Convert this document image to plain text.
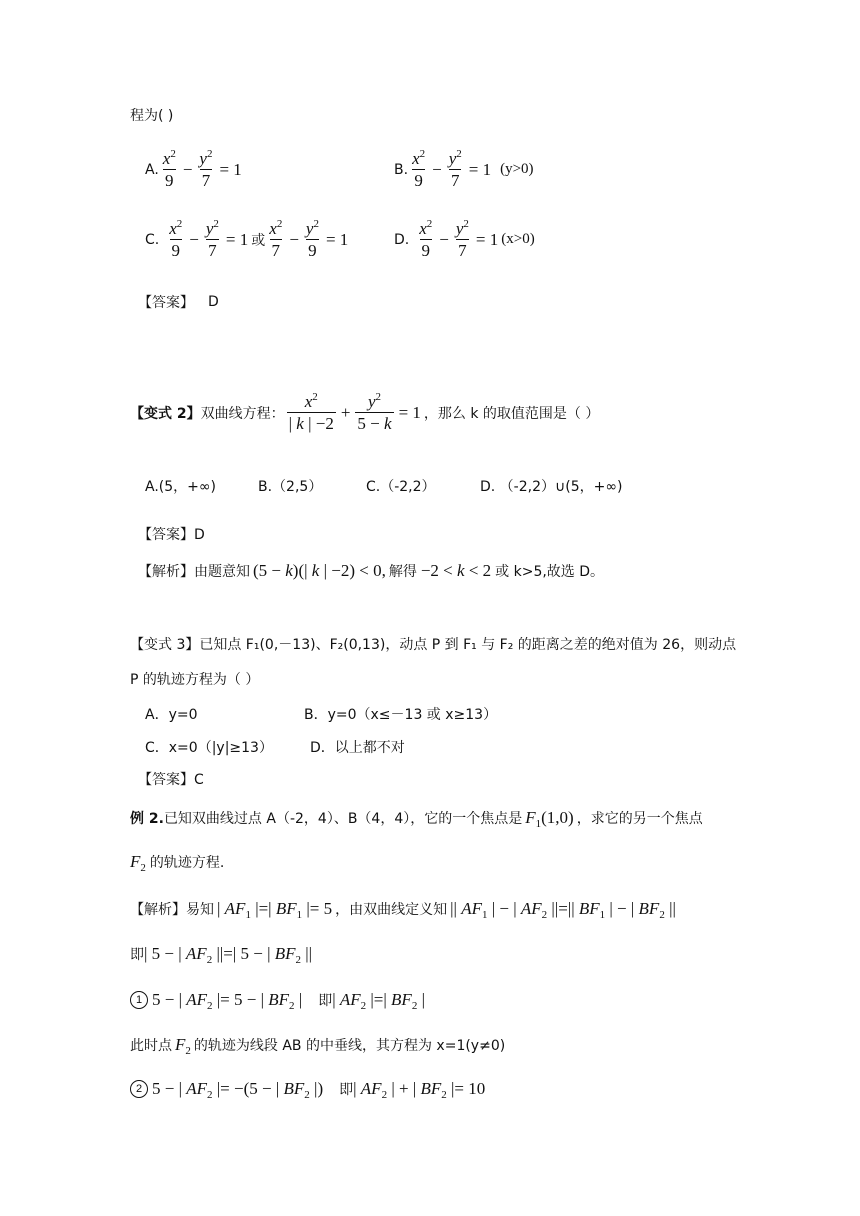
程为( )
A. $\frac{x^2}{9} - \frac{y^2}{7} = 1$	B. $\frac{x^2}{9} - \frac{y^2}{7} = 1$ (y>0)
C. $\frac{x^2}{9} - \frac{y^2}{7} = 1$ 或 $\frac{x^2}{7} - \frac{y^2}{9} = 1$	D. $\frac{x^2}{9} - \frac{y^2}{7} = 1$ (x>0)
【答案】 D
【变式 2】 双曲线方程： $\frac{x^2}{| k | -2} + \frac{y^2}{5 - k} = 1$ ，那么 k 的取值范围是（ ）
A.(5，+∞)	B.（2,5）	C.（-2,2）	D. （-2,2）∪(5，+∞)
【答案】D
【解析】 由题意知 (5 − k)(| k | −2) < 0, 解得 −2 < k < 2 或 k>5,故选 D。
【变式 3】已知点 F₁(0,－13)、F₂(0,13)，动点 P 到 F₁ 与 F₂ 的距离之差的绝对值为 26，则动点
P 的轨迹方程为（ ）
A．y=0	B．y=0（x≤－13 或 x≥13）
C．x=0（|y|≥13）	D．以上都不对
【答案】C
例 2. 已知双曲线过点 A（-2，4）、B（4，4），它的一个焦点是 $F_1(1,0)$ ，求它的另一个焦点
$F_2$ 的轨迹方程.
【解析】 易知 | $AF_1$ |=| $BF_1$ |= 5 ，由双曲线定义知 || $AF_1$ | − | $AF_2$ ||=|| $BF_1$ | − | $BF_2$ ||
即 | 5 − | $AF_2$ ||=| 5 − | $BF_2$ ||
1 5 − | $AF_2$ |= 5 − | $BF_2$ | 即 | $AF_2$ |=| $BF_2$ |
此时点 $F_2$ 的轨迹为线段 AB 的中垂线，其方程为 x=1(y≠0)
2 5 − | $AF_2$ |= −(5 − | $BF_2$ |) 即 | $AF_2$ | + | $BF_2$ |= 10
